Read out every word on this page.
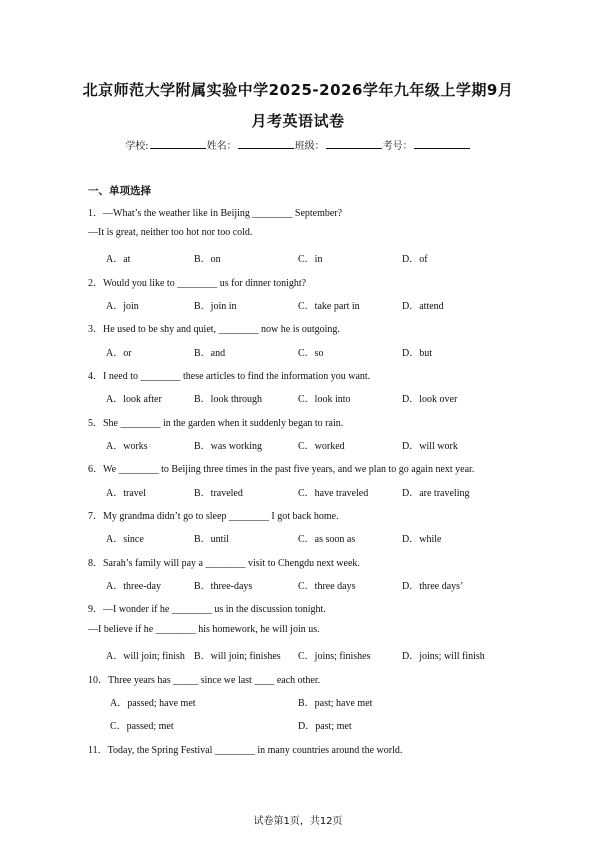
北京师范大学附属实验中学2025-2026学年九年级上学期9月
月考英语试卷
学校:	姓名：	班级：	考号：
一、单项选择
1．—What’s the weather like in Beijing ________ September?
—It is great, neither too hot nor too cold.
A．at	B．on	C．in	D．of
2．Would you like to ________ us for dinner tonight?
A．join	B．join in	C．take part in	D．attend
3．He used to be shy and quiet, ________ now he is outgoing.
A．or	B．and	C．so	D．but
4．I need to ________ these articles to find the information you want.
A．look after	B．look through	C．look into	D．look over
5．She ________ in the garden when it suddenly began to rain.
A．works	B．was working	C．worked	D．will work
6．We ________ to Beijing three times in the past five years, and we plan to go again next year.
A．travel	B．traveled	C．have traveled	D．are traveling
7．My grandma didn’t go to sleep ________ I got back home.
A．since	B．until	C．as soon as	D．while
8．Sarah’s family will pay a ________ visit to Chengdu next week.
A．three-day	B．three-days	C．three days	D．three days’
9．—I wonder if he ________ us in the discussion tonight.
—I believe if he ________ his homework, he will join us.
A．will join; finish B．will join; finishes C．joins; finishes	D．joins; will finish
10．Three years has _____ since we last ____ each other.
A．passed; have met	B．past; have met
C．passed; met	D．past; met
11．Today, the Spring Festival ________ in many countries around the world.
试卷第1页，共12页
